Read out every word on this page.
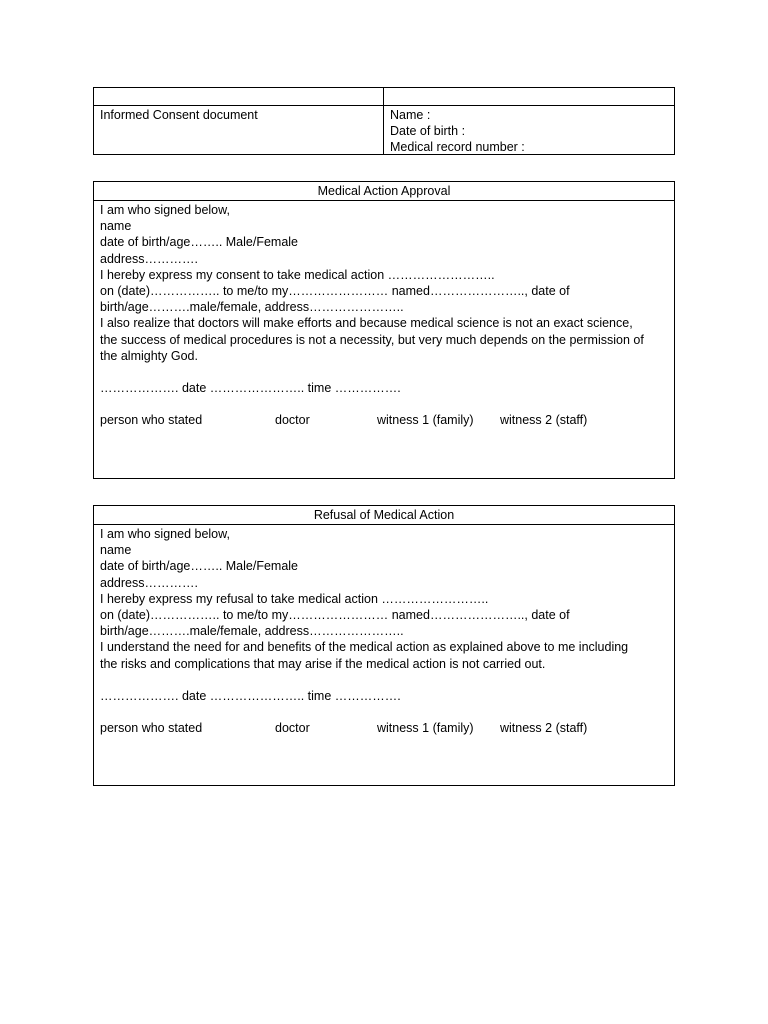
Informed Consent document	Name :
Date of birth :
Medical record number :
Medical Action Approval
I am who signed below,
name
date of birth/age…….. Male/Female
address………….
I hereby express my consent to take medical action ……………………..
on (date)…………….. to me/to my…………………… named………………….., date of
birth/age……….male/female, address…………………..
I also realize that doctors will make efforts and because medical science is not an exact science,
the success of medical procedures is not a necessity, but very much depends on the permission of
the almighty God.
………………. date ………………….. time …………….
person who stated	doctor	witness 1 (family) witness 2 (staff)
Refusal of Medical Action
I am who signed below,
name
date of birth/age…….. Male/Female
address………….
I hereby express my refusal to take medical action ……………………..
on (date)…………….. to me/to my…………………… named………………….., date of
birth/age……….male/female, address…………………..
I understand the need for and benefits of the medical action as explained above to me including
the risks and complications that may arise if the medical action is not carried out.
………………. date ………………….. time …………….
person who stated	doctor	witness 1 (family) witness 2 (staff)
